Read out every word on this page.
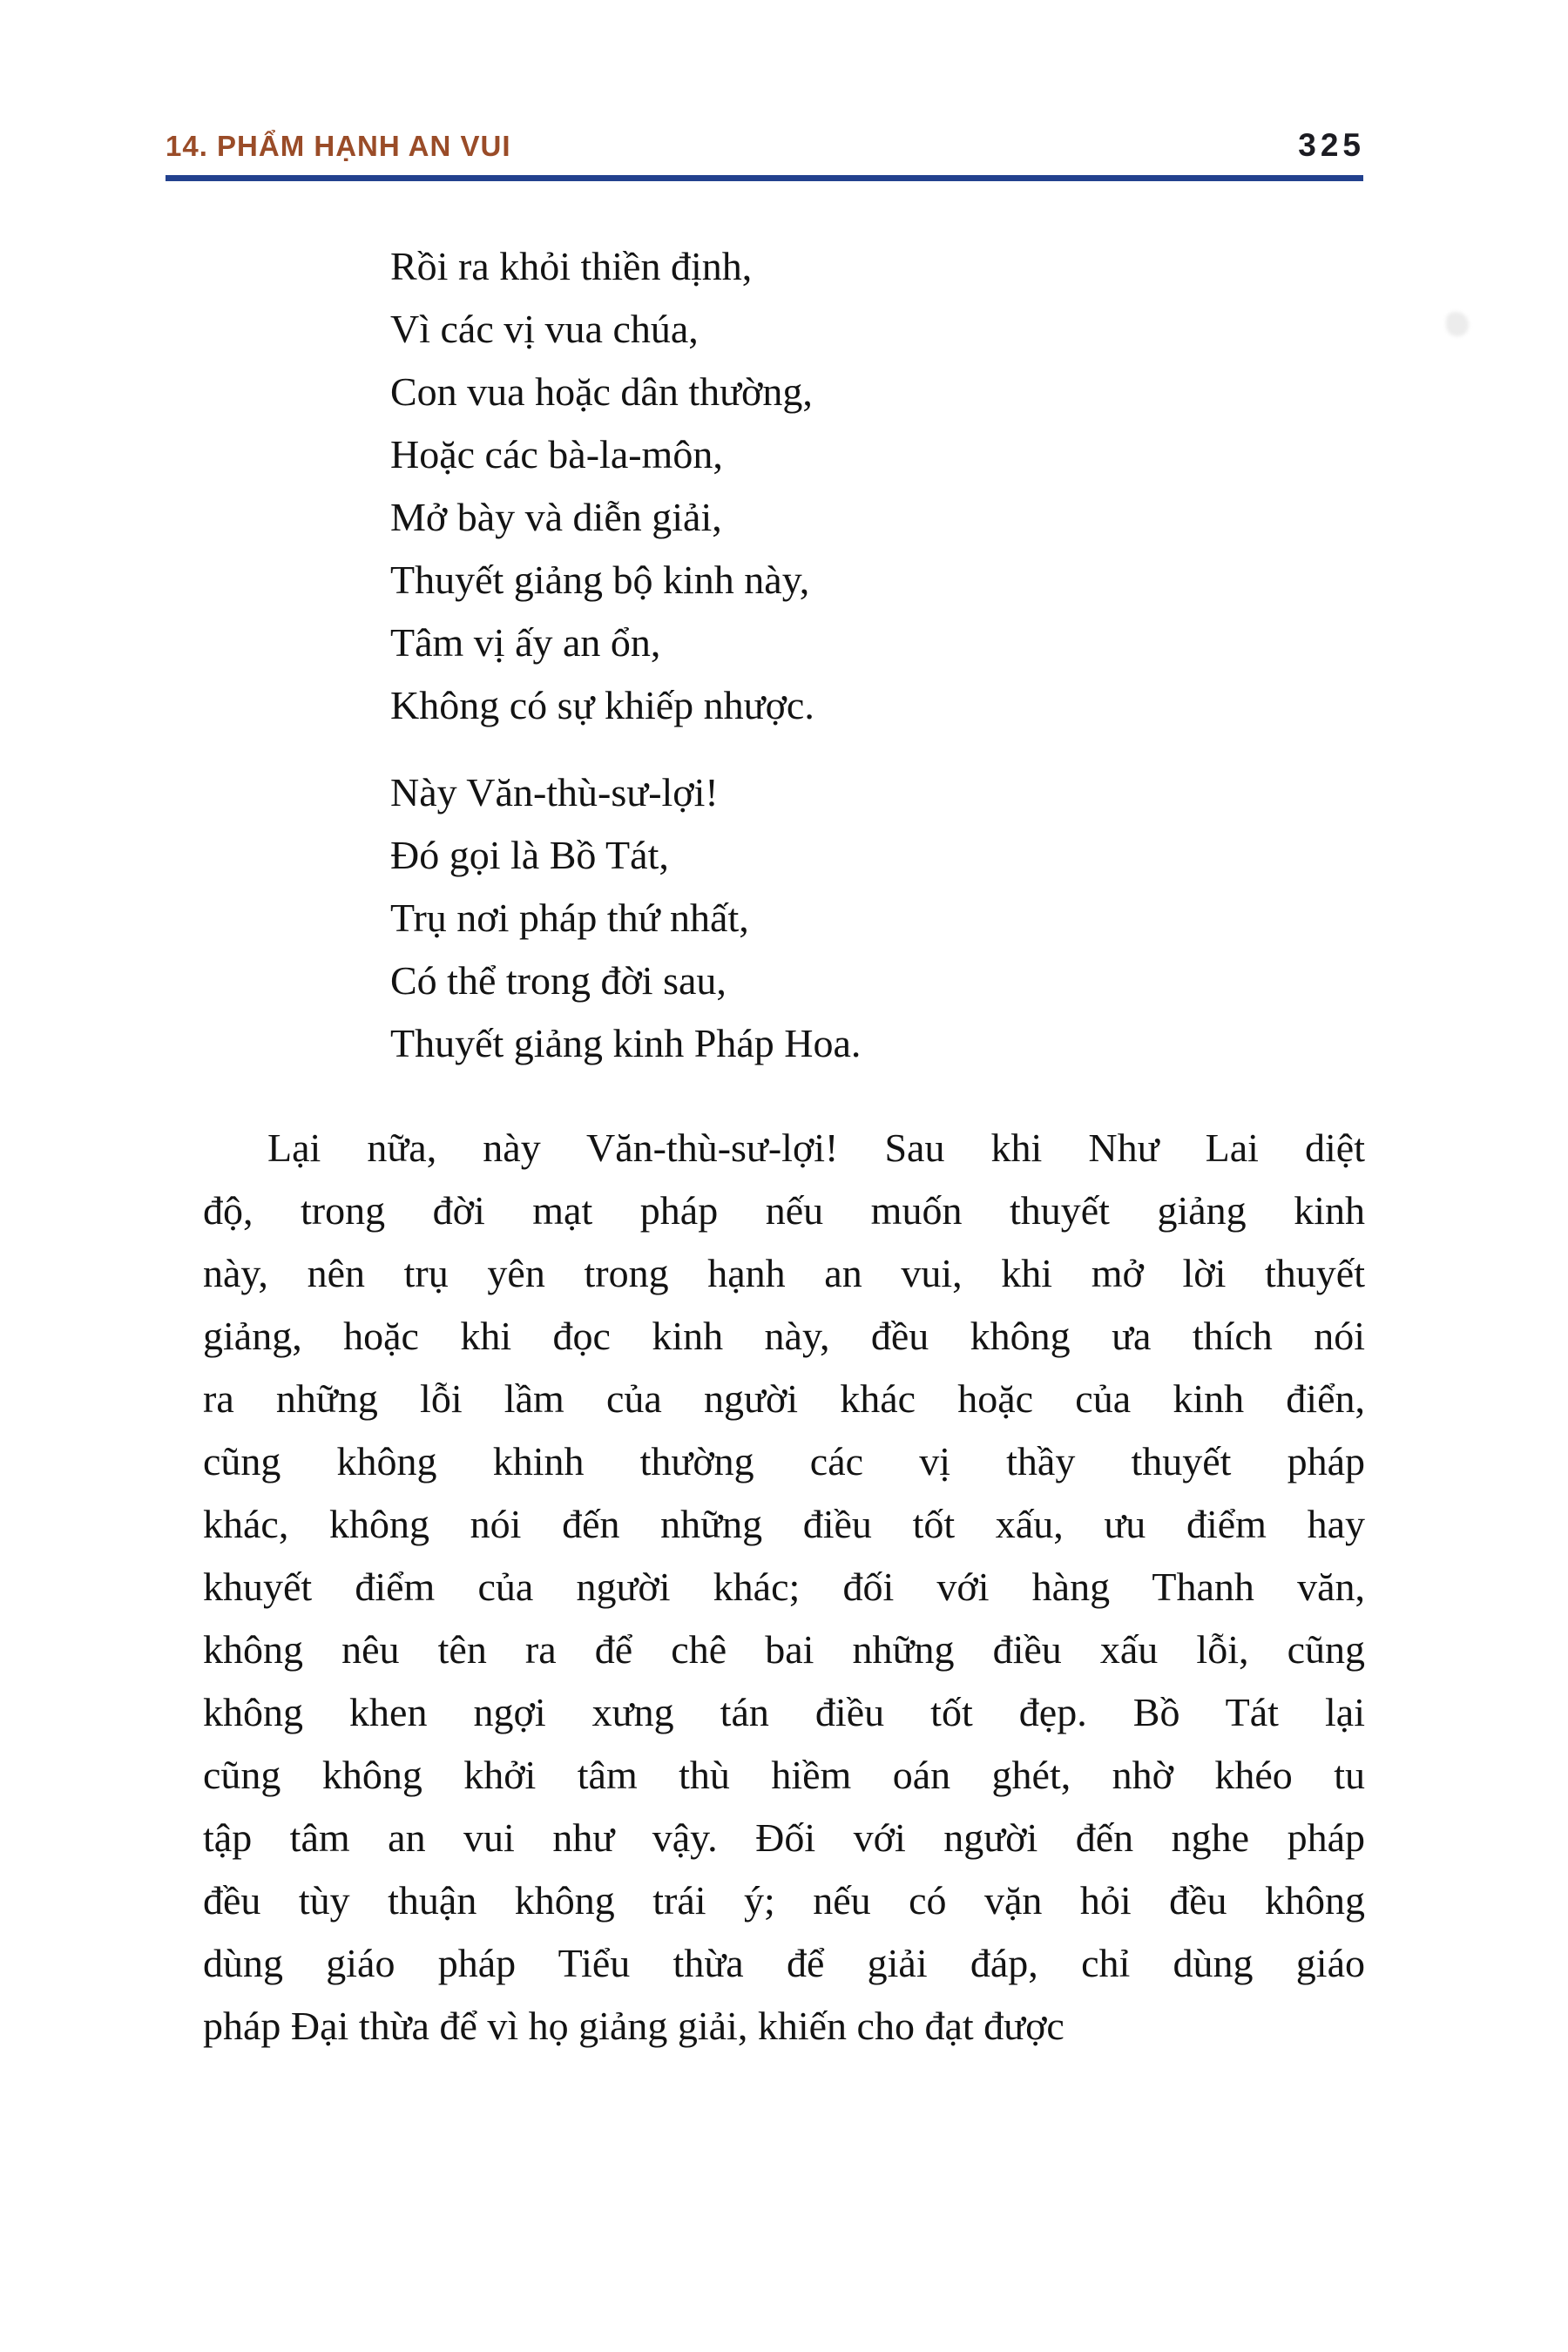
14. PHẨM HẠNH AN VUI	325
Rồi ra khỏi thiền định,
Vì các vị vua chúa,
Con vua hoặc dân thường,
Hoặc các bà-la-môn,
Mở bày và diễn giải,
Thuyết giảng bộ kinh này,
Tâm vị ấy an ổn,
Không có sự khiếp nhược.
Này Văn-thù-sư-lợi!
Đó gọi là Bồ Tát,
Trụ nơi pháp thứ nhất,
Có thể trong đời sau,
Thuyết giảng kinh Pháp Hoa.
Lại nữa, này Văn-thù-sư-lợi! Sau khi Như Lai diệt
độ, trong đời mạt pháp nếu muốn thuyết giảng kinh
này, nên trụ yên trong hạnh an vui, khi mở lời thuyết
giảng, hoặc khi đọc kinh này, đều không ưa thích nói
ra những lỗi lầm của người khác hoặc của kinh điển,
cũng không khinh thường các vị thầy thuyết pháp
khác, không nói đến những điều tốt xấu, ưu điểm hay
khuyết điểm của người khác; đối với hàng Thanh văn,
không nêu tên ra để chê bai những điều xấu lỗi, cũng
không khen ngợi xưng tán điều tốt đẹp. Bồ Tát lại
cũng không khởi tâm thù hiềm oán ghét, nhờ khéo tu
tập tâm an vui như vậy. Đối với người đến nghe pháp
đều tùy thuận không trái ý; nếu có vặn hỏi đều không
dùng giáo pháp Tiểu thừa để giải đáp, chỉ dùng giáo
pháp Đại thừa để vì họ giảng giải, khiến cho đạt được
